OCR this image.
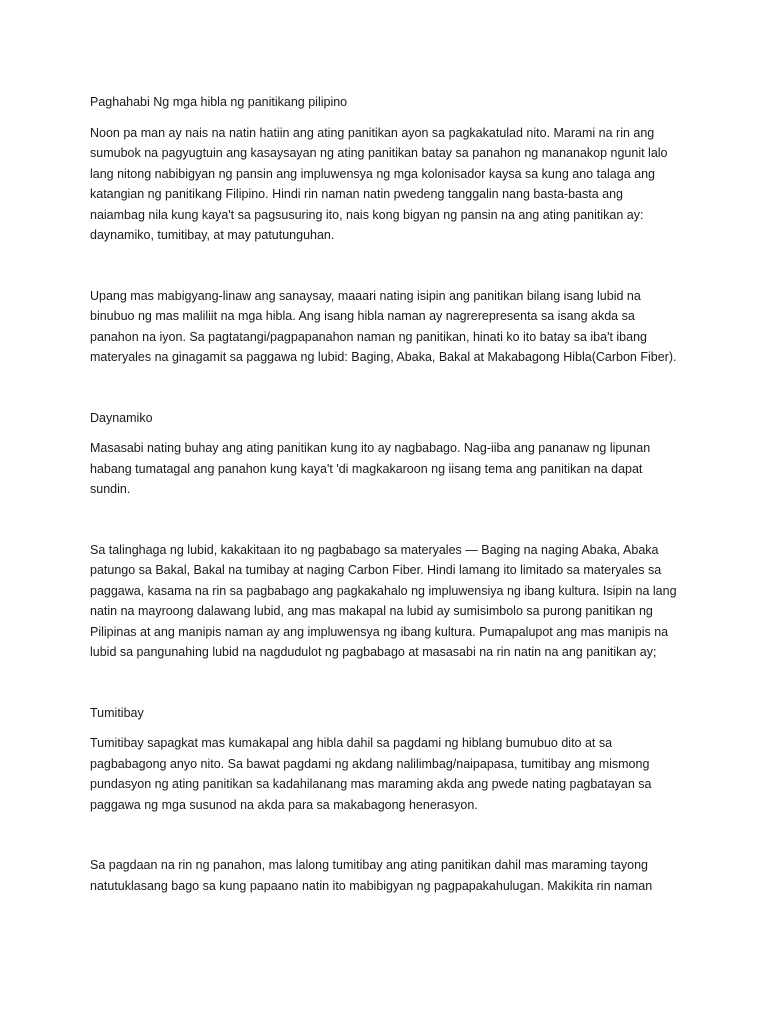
Paghahabi Ng mga hibla ng panitikang pilipino

Noon pa man ay nais na natin hatiin ang ating panitikan ayon sa pagkakatulad nito. Marami na rin ang sumubok na pagyugtuin ang kasaysayan ng ating panitikan batay sa panahon ng mananakop ngunit lalo lang nitong nabibigyan ng pansin ang impluwensya ng mga kolonisador kaysa sa kung ano talaga ang katangian ng panitikang Filipino. Hindi rin naman natin pwedeng tanggalin nang basta-basta ang naiambag nila kung kaya't sa pagsusuring ito, nais kong bigyan ng pansin na ang ating panitikan ay: daynamiko, tumitibay, at may patutunguhan.

Upang mas mabigyang-linaw ang sanaysay, maaari nating isipin ang panitikan bilang isang lubid na binubuo ng mas maliliit na mga hibla. Ang isang hibla naman ay nagrerepresenta sa isang akda sa panahon na iyon. Sa pagtatangi/pagpapanahon naman ng panitikan, hinati ko ito batay sa iba't ibang materyales na ginagamit sa paggawa ng lubid: Baging, Abaka, Bakal at Makabagong Hibla(Carbon Fiber).

Daynamiko

Masasabi nating buhay ang ating panitikan kung ito ay nagbabago. Nag-iiba ang pananaw ng lipunan habang tumatagal ang panahon kung kaya't 'di magkakaroon ng iisang tema ang panitikan na dapat sundin.

Sa talinghaga ng lubid, kakakitaan ito ng pagbabago sa materyales — Baging na naging Abaka, Abaka patungo sa Bakal, Bakal na tumibay at naging Carbon Fiber. Hindi lamang ito limitado sa materyales sa paggawa, kasama na rin sa pagbabago ang pagkakahalo ng impluwensiya ng ibang kultura. Isipin na lang natin na mayroong dalawang lubid, ang mas makapal na lubid ay sumisimbolo sa purong panitikan ng Pilipinas at ang manipis naman ay ang impluwensya ng ibang kultura. Pumapalupot ang mas manipis na lubid sa pangunahing lubid na nagdudulot ng pagbabago at masasabi na rin natin na ang panitikan ay;

Tumitibay

Tumitibay sapagkat mas kumakapal ang hibla dahil sa pagdami ng hiblang bumubuo dito at sa pagbabagong anyo nito. Sa bawat pagdami ng akdang nalilimbag/naipapasa, tumitibay ang mismong pundasyon ng ating panitikan sa kadahilanang mas maraming akda ang pwede nating pagbatayan sa paggawa ng mga susunod na akda para sa makabagong henerasyon.

Sa pagdaan na rin ng panahon, mas lalong tumitibay ang ating panitikan dahil mas maraming tayong natutuklasang bago sa kung papaano natin ito mabibigyan ng pagpapakahulugan. Makikita rin naman
